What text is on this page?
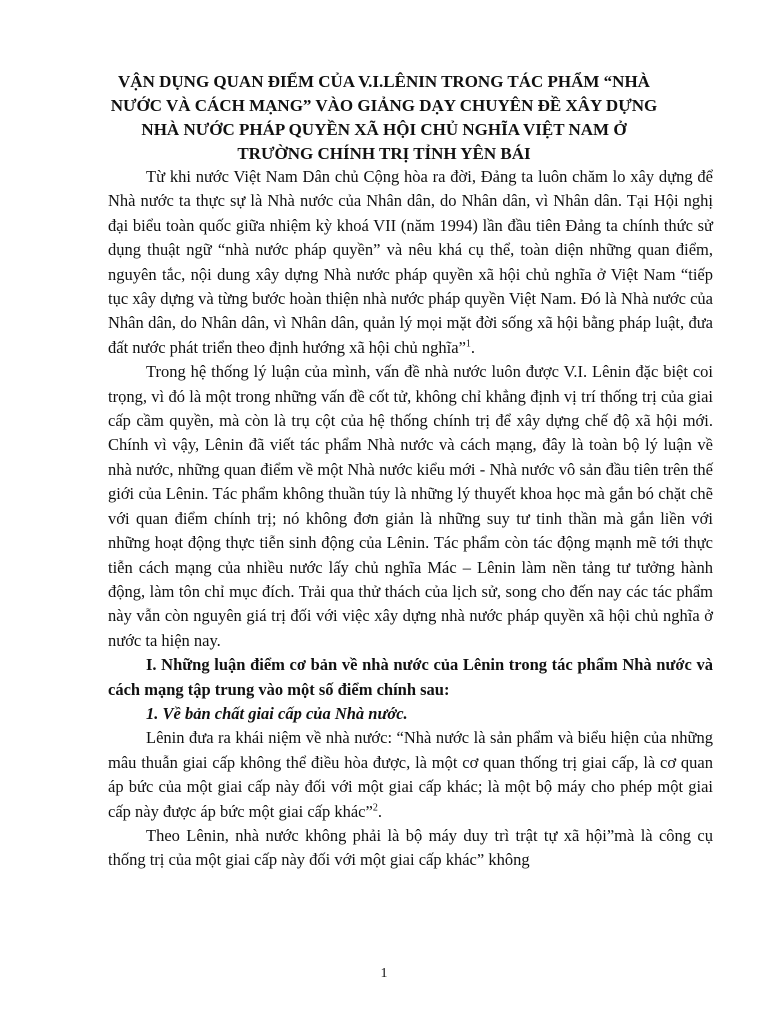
VẬN DỤNG QUAN ĐIỂM CỦA V.I.LÊNIN TRONG TÁC PHẨM “NHÀ NƯỚC VÀ CÁCH MẠNG” VÀO GIẢNG DẠY CHUYÊN ĐỀ XÂY DỰNG NHÀ NƯỚC PHÁP QUYỀN XÃ HỘI CHỦ NGHĨA VIỆT NAM Ở TRƯỜNG CHÍNH TRỊ TỈNH YÊN BÁI

Từ khi nước Việt Nam Dân chủ Cộng hòa ra đời, Đảng ta luôn chăm lo xây dựng để Nhà nước ta thực sự là Nhà nước của Nhân dân, do Nhân dân, vì Nhân dân. Tại Hội nghị đại biểu toàn quốc giữa nhiệm kỳ khoá VII (năm 1994) lần đầu tiên Đảng ta chính thức sử dụng thuật ngữ “nhà nước pháp quyền” và nêu khá cụ thể, toàn diện những quan điểm, nguyên tắc, nội dung xây dựng Nhà nước pháp quyền xã hội chủ nghĩa ở Việt Nam “tiếp tục xây dựng và từng bước hoàn thiện nhà nước pháp quyền Việt Nam. Đó là Nhà nước của Nhân dân, do Nhân dân, vì Nhân dân, quản lý mọi mặt đời sống xã hội bằng pháp luật, đưa đất nước phát triển theo định hướng xã hội chủ nghĩa”$^1$.

Trong hệ thống lý luận của mình, vấn đề nhà nước luôn được V.I. Lênin đặc biệt coi trọng, vì đó là một trong những vấn đề cốt tử, không chỉ khẳng định vị trí thống trị của giai cấp cầm quyền, mà còn là trụ cột của hệ thống chính trị để xây dựng chế độ xã hội mới. Chính vì vậy, Lênin đã viết tác phẩm Nhà nước và cách mạng, đây là toàn bộ lý luận về nhà nước, những quan điểm về một Nhà nước kiểu mới - Nhà nước vô sản đầu tiên trên thế giới của Lênin. Tác phẩm không thuần túy là những lý thuyết khoa học mà gắn bó chặt chẽ với quan điểm chính trị; nó không đơn giản là những suy tư tinh thần mà gắn liền với những hoạt động thực tiễn sinh động của Lênin. Tác phẩm còn tác động mạnh mẽ tới thực tiễn cách mạng của nhiều nước lấy chủ nghĩa Mác – Lênin làm nền tảng tư tưởng hành động, làm tôn chỉ mục đích. Trải qua thử thách của lịch sử, song cho đến nay các tác phẩm này vẫn còn nguyên giá trị đối với việc xây dựng nhà nước pháp quyền xã hội chủ nghĩa ở nước ta hiện nay.

I. Những luận điểm cơ bản về nhà nước của Lênin trong tác phẩm Nhà nước và cách mạng tập trung vào một số điểm chính sau:

1. Về bản chất giai cấp của Nhà nước.

Lênin đưa ra khái niệm về nhà nước: “Nhà nước là sản phẩm và biểu hiện của những mâu thuẫn giai cấp không thể điều hòa được, là một cơ quan thống trị giai cấp, là cơ quan áp bức của một giai cấp này đối với một giai cấp khác; là một bộ máy cho phép một giai cấp này được áp bức một giai cấp khác”$^2$.

Theo Lênin, nhà nước không phải là bộ máy duy trì trật tự xã hội”mà là công cụ thống trị của một giai cấp này đối với một giai cấp khác” không

1
